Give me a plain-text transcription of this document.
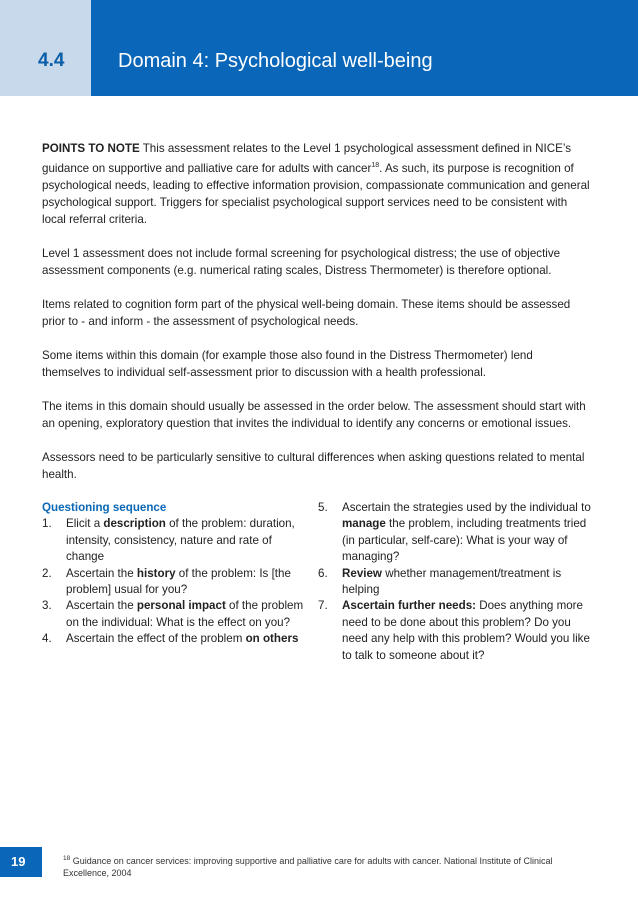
4.4	Domain 4: Psychological well-being

POINTS TO NOTE This assessment relates to the Level 1 psychological assessment defined in NICE’s guidance on supportive and palliative care for adults with cancer$^{18}$. As such, its purpose is recognition of psychological needs, leading to effective information provision, compassionate communication and general psychological support. Triggers for specialist psychological support services need to be consistent with local referral criteria.

Level 1 assessment does not include formal screening for psychological distress; the use of objective assessment components (e.g. numerical rating scales, Distress Thermometer) is therefore optional.

Items related to cognition form part of the physical well-being domain. These items should be assessed prior to - and inform - the assessment of psychological needs.

Some items within this domain (for example those also found in the Distress Thermometer) lend themselves to individual self-assessment prior to discussion with a health professional.

The items in this domain should usually be assessed in the order below. The assessment should start with an opening, exploratory question that invites the individual to identify any concerns or emotional issues.

Assessors need to be particularly sensitive to cultural differences when asking questions related to mental health.

Questioning sequence
1. Elicit a description of the problem: duration, intensity, consistency, nature and rate of change
2. Ascertain the history of the problem: Is [the problem] usual for you?
3. Ascertain the personal impact of the problem on the individual: What is the effect on you?
4. Ascertain the effect of the problem on others
5. Ascertain the strategies used by the individual to manage the problem, including treatments tried (in particular, self-care): What is your way of managing?
6. Review whether management/treatment is helping
7. Ascertain further needs: Does anything more need to be done about this problem? Do you need any help with this problem? Would you like to talk to someone about it?
19	$^{18}$ Guidance on cancer services: improving supportive and palliative care for adults with cancer. National Institute of Clinical Excellence, 2004
